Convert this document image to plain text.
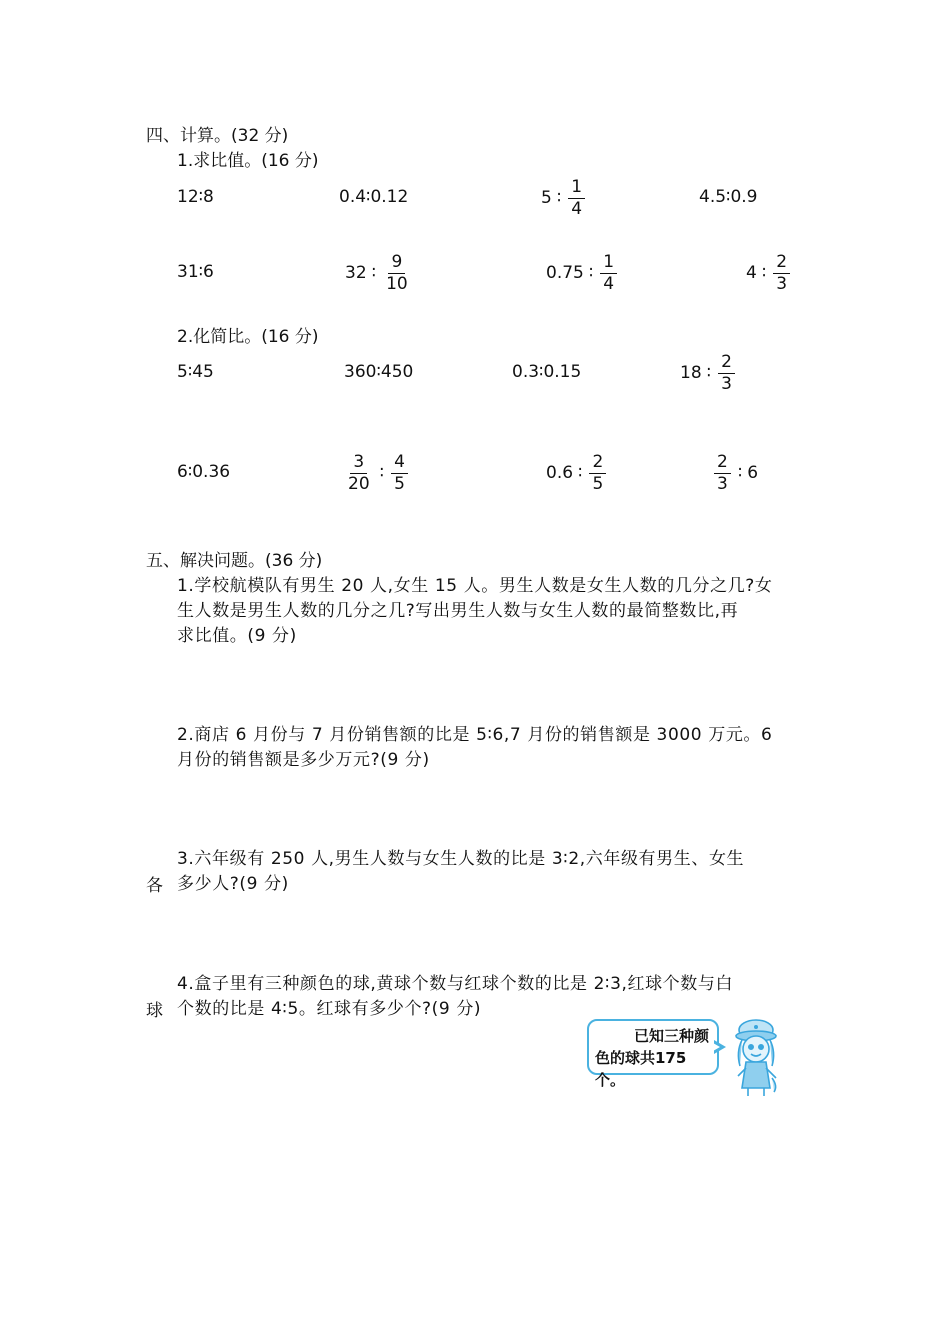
四、计算。(32 分)
1.求比值。(16 分)
12∶8	0.4∶0.12	5 ∶ $\frac{1}{4}$	4.5∶0.9
31∶6	32 ∶ $\frac{9}{10}$	0.75 ∶ $\frac{1}{4}$	4 ∶ $\frac{2}{3}$
2.化简比。(16 分)
5∶45	360∶450	0.3∶0.15	18 ∶ $\frac{2}{3}$
6∶0.36	$\frac{3}{20}$ ∶ $\frac{4}{5}$	0.6 ∶ $\frac{2}{5}$	$\frac{2}{3}$ ∶ 6
五、解决问题。(36 分)
1.学校航模队有男生 20 人,女生 15 人。男生人数是女生人数的几分之几?女
生人数是男生人数的几分之几?写出男生人数与女生人数的最简整数比,再
求比值。(9 分)
2.商店 6 月份与 7 月份销售额的比是 5∶6,7 月份的销售额是 3000 万元。6
月份的销售额是多少万元?(9 分)
3.六年级有 250 人,男生人数与女生人数的比是 3∶2,六年级有男生、女生
多少人?(9 分)
各
4.盒子里有三种颜色的球,黄球个数与红球个数的比是 2∶3,红球个数与白
个数的比是 4∶5。红球有多少个?(9 分)
球
已知三种颜
色的球共175个。
